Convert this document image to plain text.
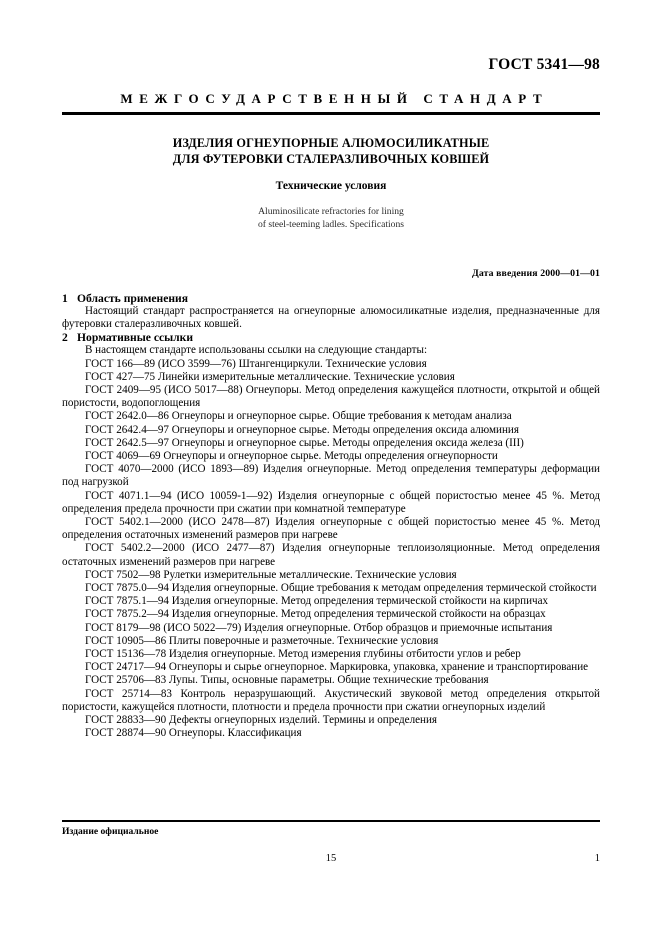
ГОСТ 5341—98
МЕЖГОСУДАРСТВЕННЫЙ СТАНДАРТ
ИЗДЕЛИЯ ОГНЕУПОРНЫЕ АЛЮМОСИЛИКАТНЫЕ
ДЛЯ ФУТЕРОВКИ СТАЛЕРАЗЛИВОЧНЫХ КОВШЕЙ
Технические условия
Aluminosilicate refractories for lining
of steel-teeming ladles. Specifications
Дата введения 2000—01—01
1 Область применения

Настоящий стандарт распространяется на огнеупорные алюмосиликатные изделия, предназначенные для футеровки сталеразливочных ковшей.

2 Нормативные ссылки

В настоящем стандарте использованы ссылки на следующие стандарты:

ГОСТ 166—89 (ИСО 3599—76) Штангенциркули. Технические условия

ГОСТ 427—75 Линейки измерительные металлические. Технические условия

ГОСТ 2409—95 (ИСО 5017—88) Огнеупоры. Метод определения кажущейся плотности, открытой и общей пористости, водопоглощения

ГОСТ 2642.0—86 Огнеупоры и огнеупорное сырье. Общие требования к методам анализа

ГОСТ 2642.4—97 Огнеупоры и огнеупорное сырье. Методы определения оксида алюминия

ГОСТ 2642.5—97 Огнеупоры и огнеупорное сырье. Методы определения оксида железа (III)

ГОСТ 4069—69 Огнеупоры и огнеупорное сырье. Методы определения огнеупорности

ГОСТ 4070—2000 (ИСО 1893—89) Изделия огнеупорные. Метод определения температуры деформации под нагрузкой

ГОСТ 4071.1—94 (ИСО 10059-1—92) Изделия огнеупорные с общей пористостью менее 45 %. Метод определения предела прочности при сжатии при комнатной температуре

ГОСТ 5402.1—2000 (ИСО 2478—87) Изделия огнеупорные с общей пористостью менее 45 %. Метод определения остаточных изменений размеров при нагреве

ГОСТ 5402.2—2000 (ИСО 2477—87) Изделия огнеупорные теплоизоляционные. Метод определения остаточных изменений размеров при нагреве

ГОСТ 7502—98 Рулетки измерительные металлические. Технические условия

ГОСТ 7875.0—94 Изделия огнеупорные. Общие требования к методам определения термической стойкости

ГОСТ 7875.1—94 Изделия огнеупорные. Метод определения термической стойкости на кирпичах

ГОСТ 7875.2—94 Изделия огнеупорные. Метод определения термической стойкости на образцах

ГОСТ 8179—98 (ИСО 5022—79) Изделия огнеупорные. Отбор образцов и приемочные испытания

ГОСТ 10905—86 Плиты поверочные и разметочные. Технические условия

ГОСТ 15136—78 Изделия огнеупорные. Метод измерения глубины отбитости углов и ребер

ГОСТ 24717—94 Огнеупоры и сырье огнеупорное. Маркировка, упаковка, хранение и транспортирование

ГОСТ 25706—83 Лупы. Типы, основные параметры. Общие технические требования

ГОСТ 25714—83 Контроль неразрушающий. Акустический звуковой метод определения открытой пористости, кажущейся плотности, плотности и предела прочности при сжатии огнеупорных изделий

ГОСТ 28833—90 Дефекты огнеупорных изделий. Термины и определения

ГОСТ 28874—90 Огнеупоры. Классификация

Издание официальное
15	1
